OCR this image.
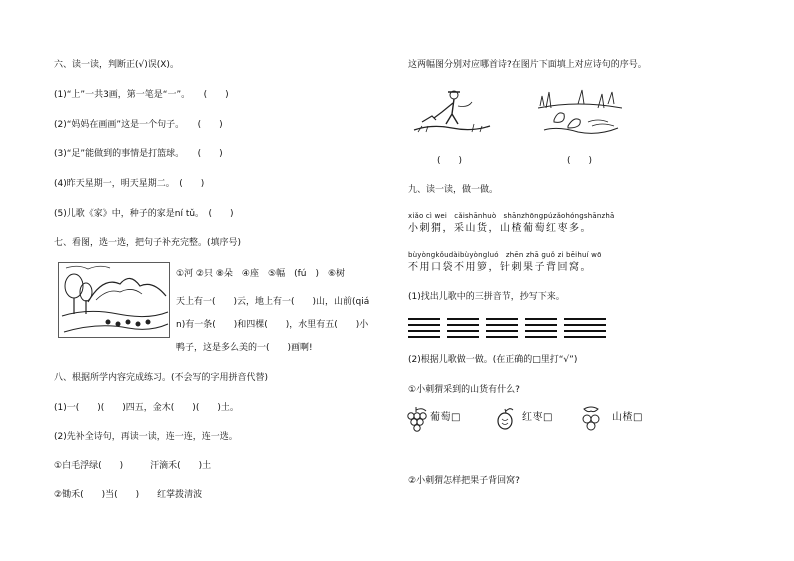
六、读一读，判断正(√)误(X)。
(1)“上”一共3画，第一笔是“一”。　　(　　)
(2)“妈妈在画画”这是一个句子。　　(　　)
(3)“足”能做到的事情是打篮球。　　(　　)
(4)昨天星期一，明天星期二。　(　　)
(5)儿歌《家》中，种子的家是ní tǔ。　(　　)
七、看图，选一选，把句子补充完整。(填序号)
①河 ②只 ⑧朵　④座　⑤幅　(fú　)　⑥树
天上有一(　　)云，地上有一(　　)山，山前(qiá
n)有一条(　　)和四棵(　　)，水里有五(　　)小
鸭子，这是多么美的一(　　)画啊!
八、根据所学内容完成练习。(不会写的字用拼音代替)
(1)一(　　)(　　)四五，金木(　　)(　　)土。
(2)先补全诗句，再读一读，连一连，连一选。
①白毛浮绿(　　)　　　汗滴禾(　　)土
②锄禾(　　)当(　　)　　红掌拨清波
这两幅图分别对应哪首诗?在图片下面填上对应诗句的序号。
(　　)	(　　)
九、读一读，做一做。
xiǎo cì wei　cǎishānhuò　shānzhōngpúzǎohónɡshānzhā
小刺猬，采山货，山楂葡萄红枣多。
bùyònɡkǒudàibùyònɡluó　zhēn zhā ɡuǒ zi bēihuí wō
不用口袋不用箩，针刺果子背回窝。
(1)找出儿歌中的三拼音节，抄写下来。
(2)根据儿歌做一做。(在正确的□里打“√”)
①小刺猬采到的山货有什么?
葡萄□	红枣□	山楂□
②小刺猬怎样把果子背回窝?
